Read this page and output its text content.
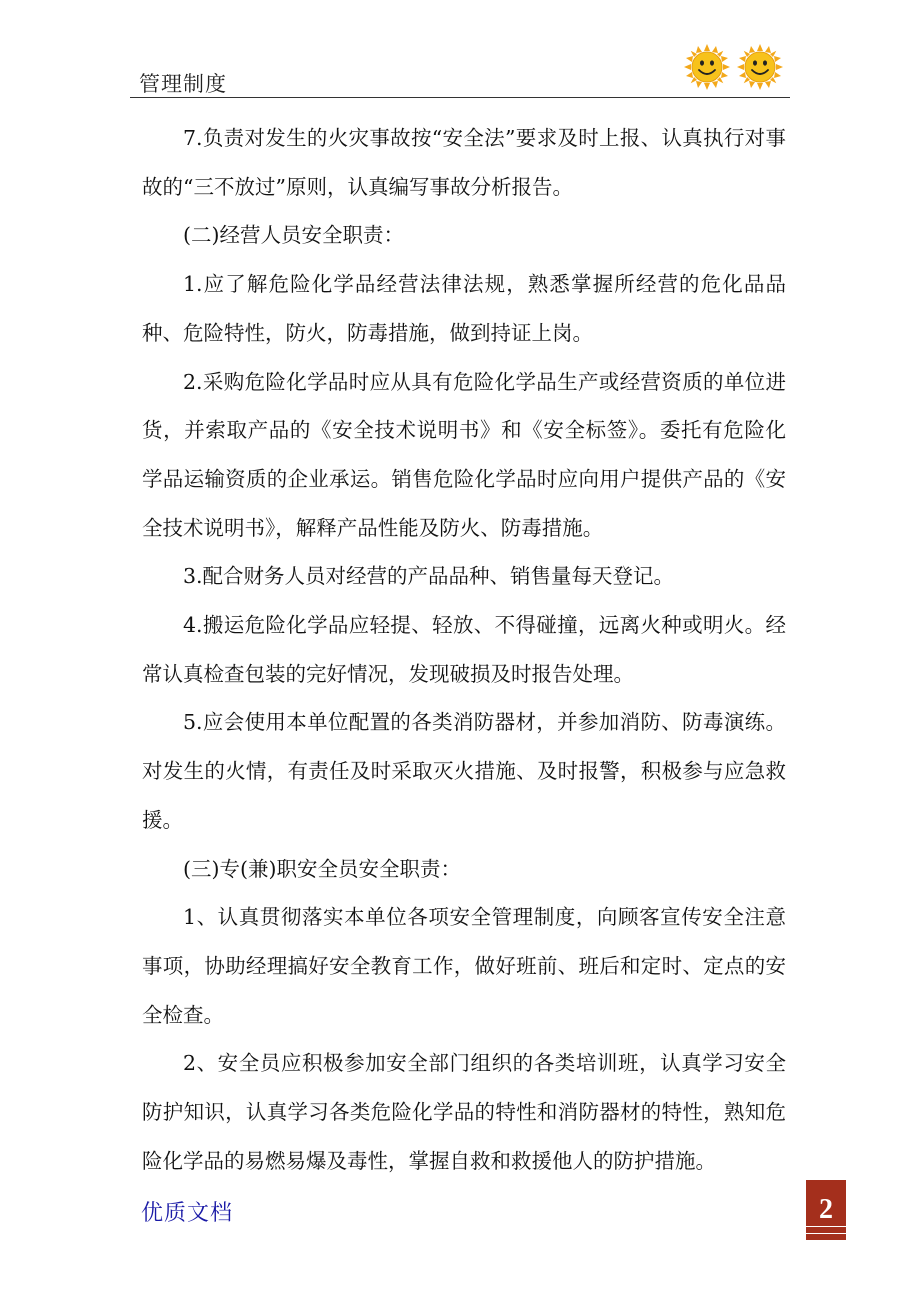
管理制度

7.负责对发生的火灾事故按“安全法”要求及时上报、认真执行对事故的“三不放过”原则，认真编写事故分析报告。

(二)经营人员安全职责：

1.应了解危险化学品经营法律法规，熟悉掌握所经营的危化品品种、危险特性，防火，防毒措施，做到持证上岗。

2.采购危险化学品时应从具有危险化学品生产或经营资质的单位进货，并索取产品的《安全技术说明书》和《安全标签》。委托有危险化学品运输资质的企业承运。销售危险化学品时应向用户提供产品的《安全技术说明书》，解释产品性能及防火、防毒措施。

3.配合财务人员对经营的产品品种、销售量每天登记。

4.搬运危险化学品应轻提、轻放、不得碰撞，远离火种或明火。经常认真检查包装的完好情况，发现破损及时报告处理。

5.应会使用本单位配置的各类消防器材，并参加消防、防毒演练。对发生的火情，有责任及时采取灭火措施、及时报警，积极参与应急救援。

(三)专(兼)职安全员安全职责：

1、认真贯彻落实本单位各项安全管理制度，向顾客宣传安全注意事项，协助经理搞好安全教育工作，做好班前、班后和定时、定点的安全检查。

2、安全员应积极参加安全部门组织的各类培训班，认真学习安全防护知识，认真学习各类危险化学品的特性和消防器材的特性，熟知危险化学品的易燃易爆及毒性，掌握自救和救援他人的防护措施。

优质文档	2
